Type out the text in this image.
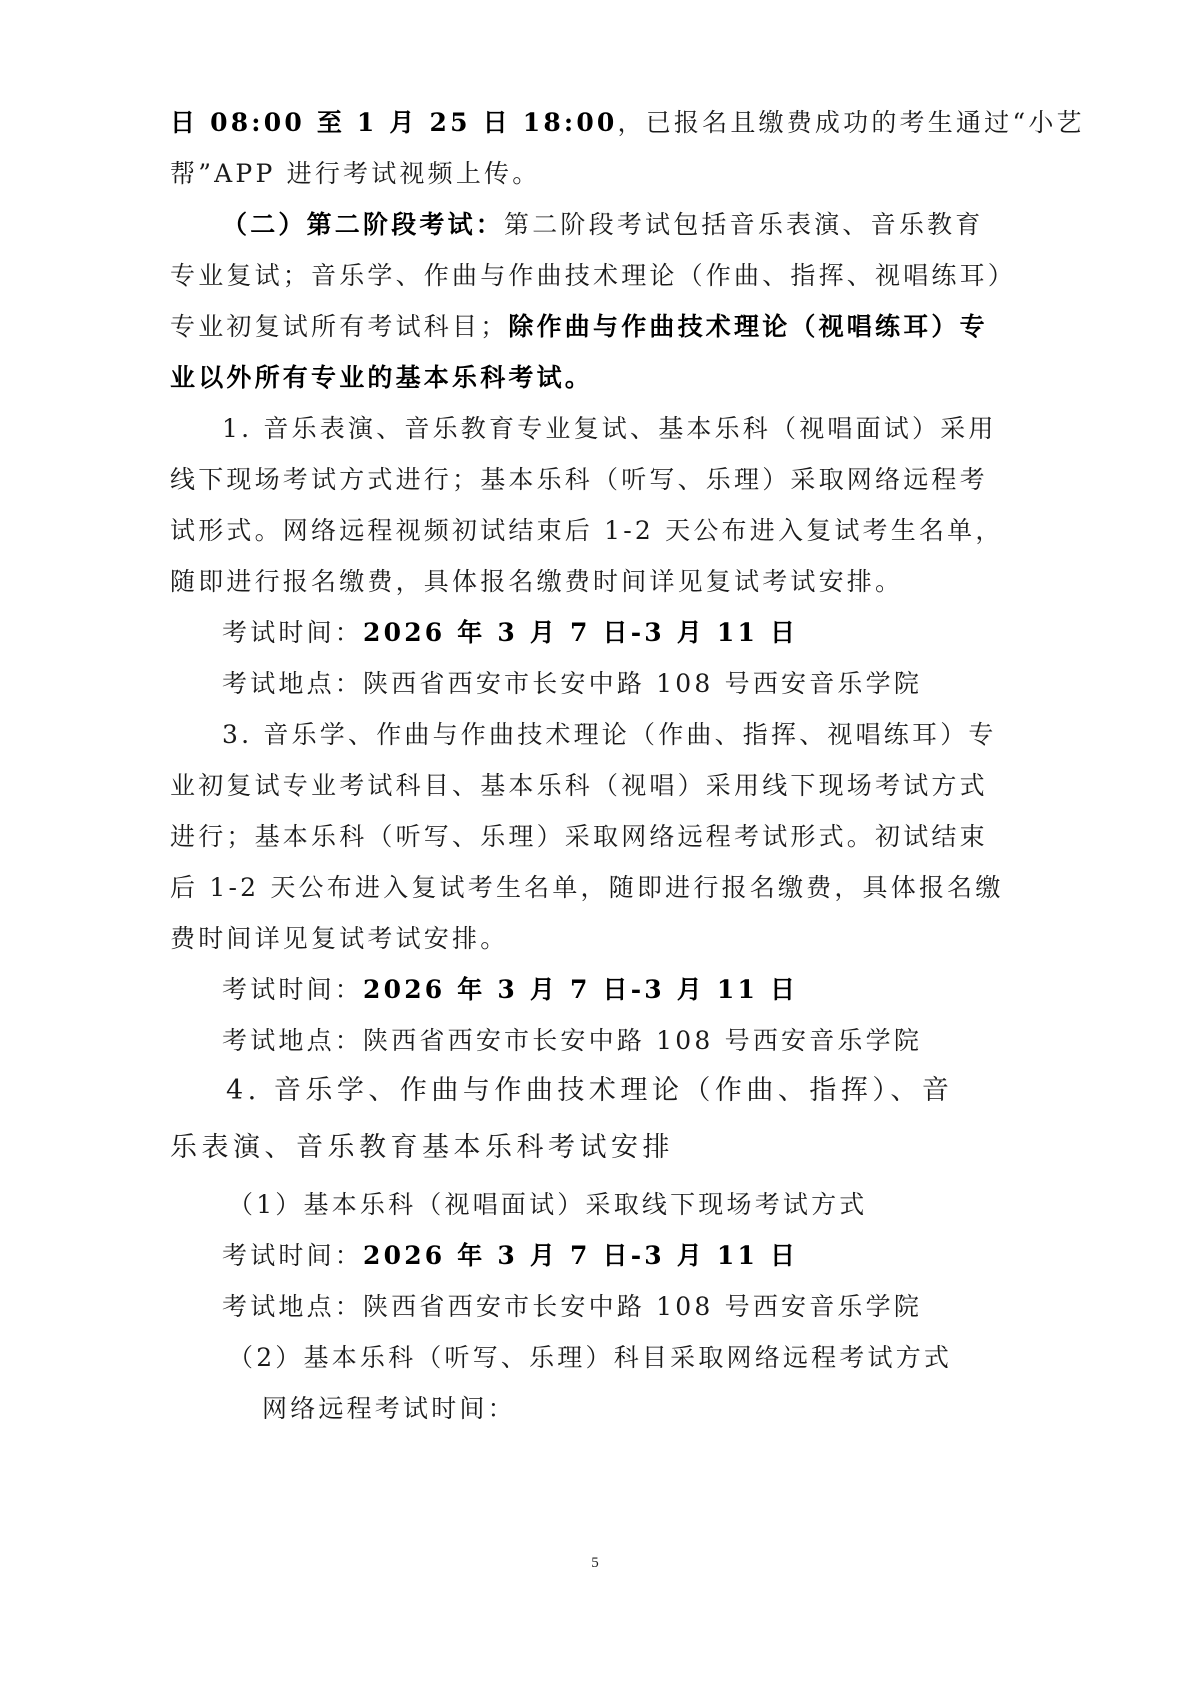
日 08:00 至 1 月 25 日 18:00，已报名且缴费成功的考生通过“小艺
帮”APP 进行考试视频上传。
（二）第二阶段考试：第二阶段考试包括音乐表演、音乐教育
专业复试；音乐学、作曲与作曲技术理论（作曲、指挥、视唱练耳）
专业初复试所有考试科目；除作曲与作曲技术理论（视唱练耳）专
业以外所有专业的基本乐科考试。
1. 音乐表演、音乐教育专业复试、基本乐科（视唱面试）采用
线下现场考试方式进行；基本乐科（听写、乐理）采取网络远程考
试形式。网络远程视频初试结束后 1-2 天公布进入复试考生名单，
随即进行报名缴费，具体报名缴费时间详见复试考试安排。
考试时间：2026 年 3 月 7 日-3 月 11 日
考试地点：陕西省西安市长安中路 108 号西安音乐学院
3. 音乐学、作曲与作曲技术理论（作曲、指挥、视唱练耳）专
业初复试专业考试科目、基本乐科（视唱）采用线下现场考试方式
进行；基本乐科（听写、乐理）采取网络远程考试形式。初试结束
后 1-2 天公布进入复试考生名单，随即进行报名缴费，具体报名缴
费时间详见复试考试安排。
考试时间：2026 年 3 月 7 日-3 月 11 日
考试地点：陕西省西安市长安中路 108 号西安音乐学院
4. 音乐学、作曲与作曲技术理论（作曲、指挥）、音
乐表演、音乐教育基本乐科考试安排
（1）基本乐科（视唱面试）采取线下现场考试方式
考试时间：2026 年 3 月 7 日-3 月 11 日
考试地点：陕西省西安市长安中路 108 号西安音乐学院
（2）基本乐科（听写、乐理）科目采取网络远程考试方式
网络远程考试时间：
5
